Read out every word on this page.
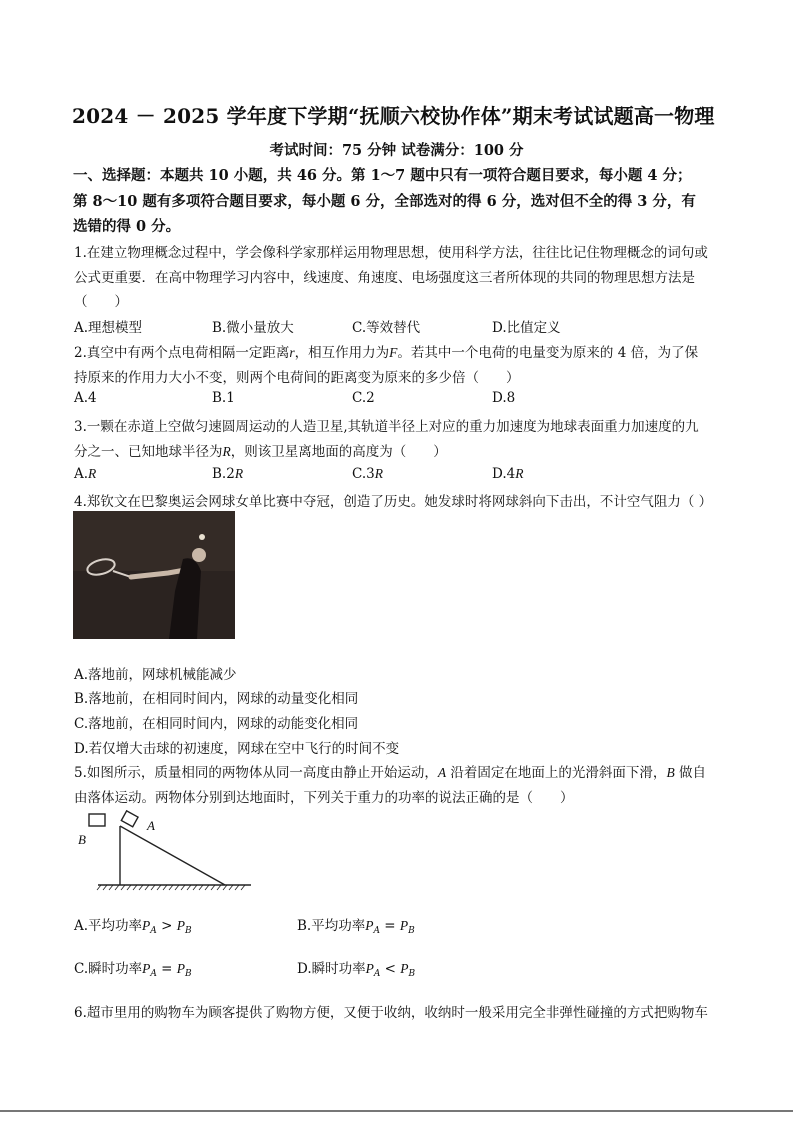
2024 － 2025 学年度下学期“抚顺六校协作体”期末考试试题高一物理
考试时间：75 分钟 试卷满分：100 分
一、选择题：本题共 10 小题，共 46 分。第 1～7 题中只有一项符合题目要求，每小题 4 分；
第 8～10 题有多项符合题目要求，每小题 6 分，全部选对的得 6 分，选对但不全的得 3 分，有
选错的得 0 分。
1.在建立物理概念过程中，学会像科学家那样运用物理思想，使用科学方法，往往比记住物理概念的词句或
公式更重要．在高中物理学习内容中，线速度、角速度、电场强度这三者所体现的共同的物理思想方法是
（　　）
A.理想模型	B.微小量放大	C.等效替代	D.比值定义
2.真空中有两个点电荷相隔一定距离r，相互作用力为F。若其中一个电荷的电量变为原来的 4 倍，为了保
持原来的作用力大小不变，则两个电荷间的距离变为原来的多少倍（　　）
A.4	B.1	C.2	D.8
3.一颗在赤道上空做匀速圆周运动的人造卫星,其轨道半径上对应的重力加速度为地球表面重力加速度的九
分之一、已知地球半径为R，则该卫星离地面的高度为（　　）
A.R	B.2R	C.3R	D.4R
4.郑钦文在巴黎奥运会网球女单比赛中夺冠，创造了历史。她发球时将网球斜向下击出，不计空气阻力（ ）
A.落地前，网球机械能减少
B.落地前，在相同时间内，网球的动量变化相同
C.落地前，在相同时间内，网球的动能变化相同
D.若仅增大击球的初速度，网球在空中飞行的时间不变
5.如图所示，质量相同的两物体从同一高度由静止开始运动，A 沿着固定在地面上的光滑斜面下滑，B 做自
由落体运动。两物体分别到达地面时，下列关于重力的功率的说法正确的是（　　）
A
B
A.平均功率$P_A > P_B$	B.平均功率$P_A = P_B$
C.瞬时功率$P_A = P_B$	D.瞬时功率$P_A < P_B$
6.超市里用的购物车为顾客提供了购物方便，又便于收纳，收纳时一般采用完全非弹性碰撞的方式把购物车
